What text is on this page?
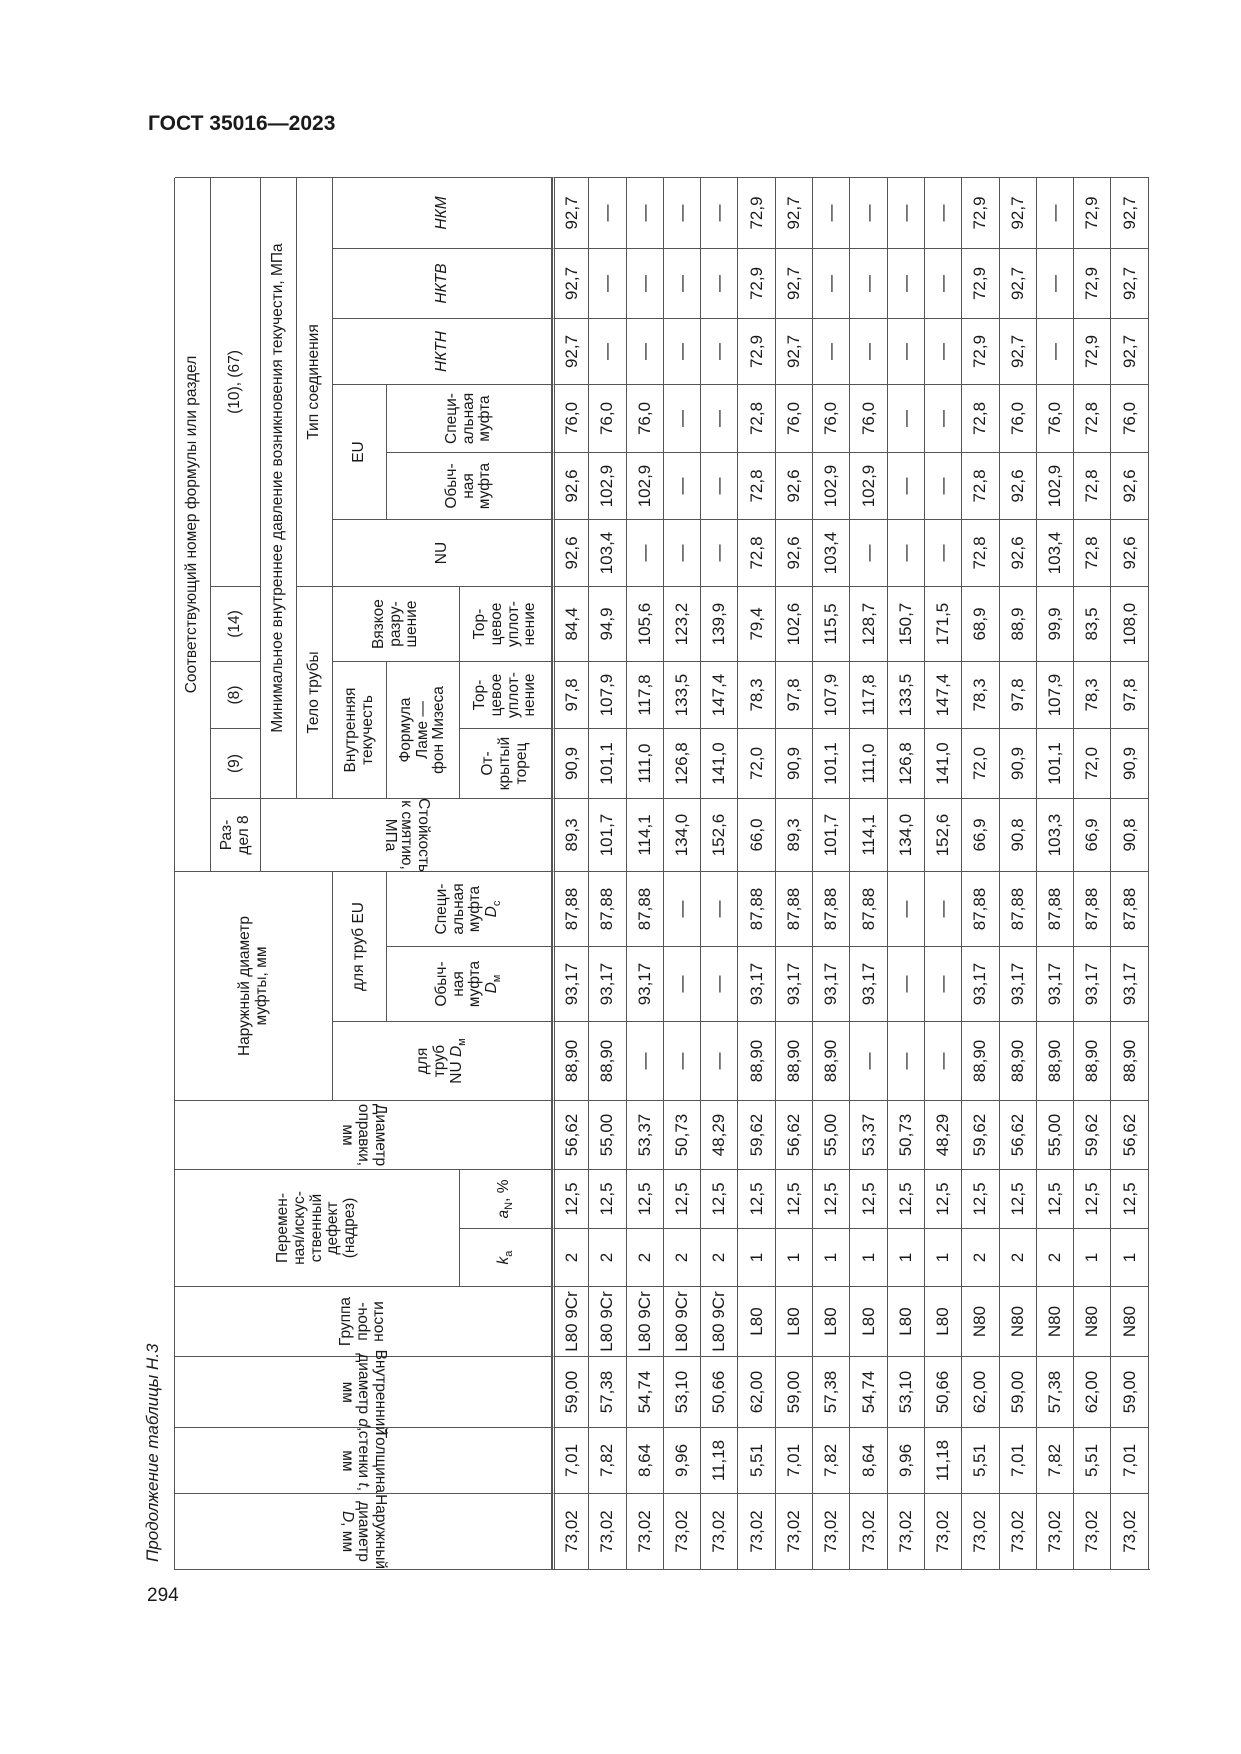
ГОСТ 35016—2023
Продолжение таблицы Н.3
294
Наружный диаметр D, мм
Толщина стенки t, мм
Внутренний диаметр d, мм
Группа
проч-
ности
Перемен-
ная/искус-
ственный
дефект
(надрез)
$k_a$
$a_N$, %
Диаметр оправки, мм
Наружный диаметр
муфты, мм
для
труб
NU $D_м$
для труб EU	Обыч-
ная
муфта
$D_м$
Специ-
альная
муфта
$D_c$
Соответствующий номер формулы или раздел
Раз-
дел 8
(9)
(8)
(14)
(10), (67)
Стойкость к смятию, МПа
Минимальное внутреннее давление возникновения текучести, МПа	Тело трубы
Тип соединения
Внутренняя
текучесть
Вязкое
разру-
шение
Формула
Ламе —
фон Мизеса
От-
крытый
торец
Тор-
цевое
уплот-
нение
Тор-
цевое
уплот-
нение
NU
EU
Обыч-
ная
муфта
Специ-
альная
муфта
НКТН
НКТВ
НКМ
73,02
7,01
59,00
L80 9Cr
2
12,5
56,62
88,90
93,17
87,88
89,3
90,9
97,8
84,4
92,6
92,6
76,0
92,7
92,7
92,7
73,02
7,82
57,38
L80 9Cr
2
12,5
55,00
88,90
93,17
87,88
101,7
101,1
107,9
94,9
103,4
102,9
76,0
—
—
—
73,02
8,64
54,74
L80 9Cr
2
12,5
53,37
—
93,17
87,88
114,1
111,0
117,8
105,6
—
102,9
76,0
—
—
—
73,02
9,96
53,10
L80 9Cr
2
12,5
50,73
—
—
—
134,0
126,8
133,5
123,2
—
—
—
—
—
—
73,02
11,18
50,66
L80 9Cr
2
12,5
48,29
—
—
—
152,6
141,0
147,4
139,9
—
—
—
—
—
—
73,02
5,51
62,00
L80
1
12,5
59,62
88,90
93,17
87,88
66,0
72,0
78,3
79,4
72,8
72,8
72,8
72,9
72,9
72,9
73,02
7,01
59,00
L80
1
12,5
56,62
88,90
93,17
87,88
89,3
90,9
97,8
102,6
92,6
92,6
76,0
92,7
92,7
92,7
73,02
7,82
57,38
L80
1
12,5
55,00
88,90
93,17
87,88
101,7
101,1
107,9
115,5
103,4
102,9
76,0
—
—
—
73,02
8,64
54,74
L80
1
12,5
53,37
—
93,17
87,88
114,1
111,0
117,8
128,7
—
102,9
76,0
—
—
—
73,02
9,96
53,10
L80
1
12,5
50,73
—
—
—
134,0
126,8
133,5
150,7
—
—
—
—
—
—
73,02
11,18
50,66
L80
1
12,5
48,29
—
—
—
152,6
141,0
147,4
171,5
—
—
—
—
—
—
73,02
5,51
62,00
N80
2
12,5
59,62
88,90
93,17
87,88
66,9
72,0
78,3
68,9
72,8
72,8
72,8
72,9
72,9
72,9
73,02
7,01
59,00
N80
2
12,5
56,62
88,90
93,17
87,88
90,8
90,9
97,8
88,9
92,6
92,6
76,0
92,7
92,7
92,7
73,02
7,82
57,38
N80
2
12,5
55,00
88,90
93,17
87,88
103,3
101,1
107,9
99,9
103,4
102,9
76,0
—
—
—
73,02
5,51
62,00
N80
1
12,5
59,62
88,90
93,17
87,88
66,9
72,0
78,3
83,5
72,8
72,8
72,8
72,9
72,9
72,9
73,02
7,01
59,00
N80
1
12,5
56,62
88,90
93,17
87,88
90,8
90,9
97,8
108,0
92,6
92,6
76,0
92,7
92,7
92,7
